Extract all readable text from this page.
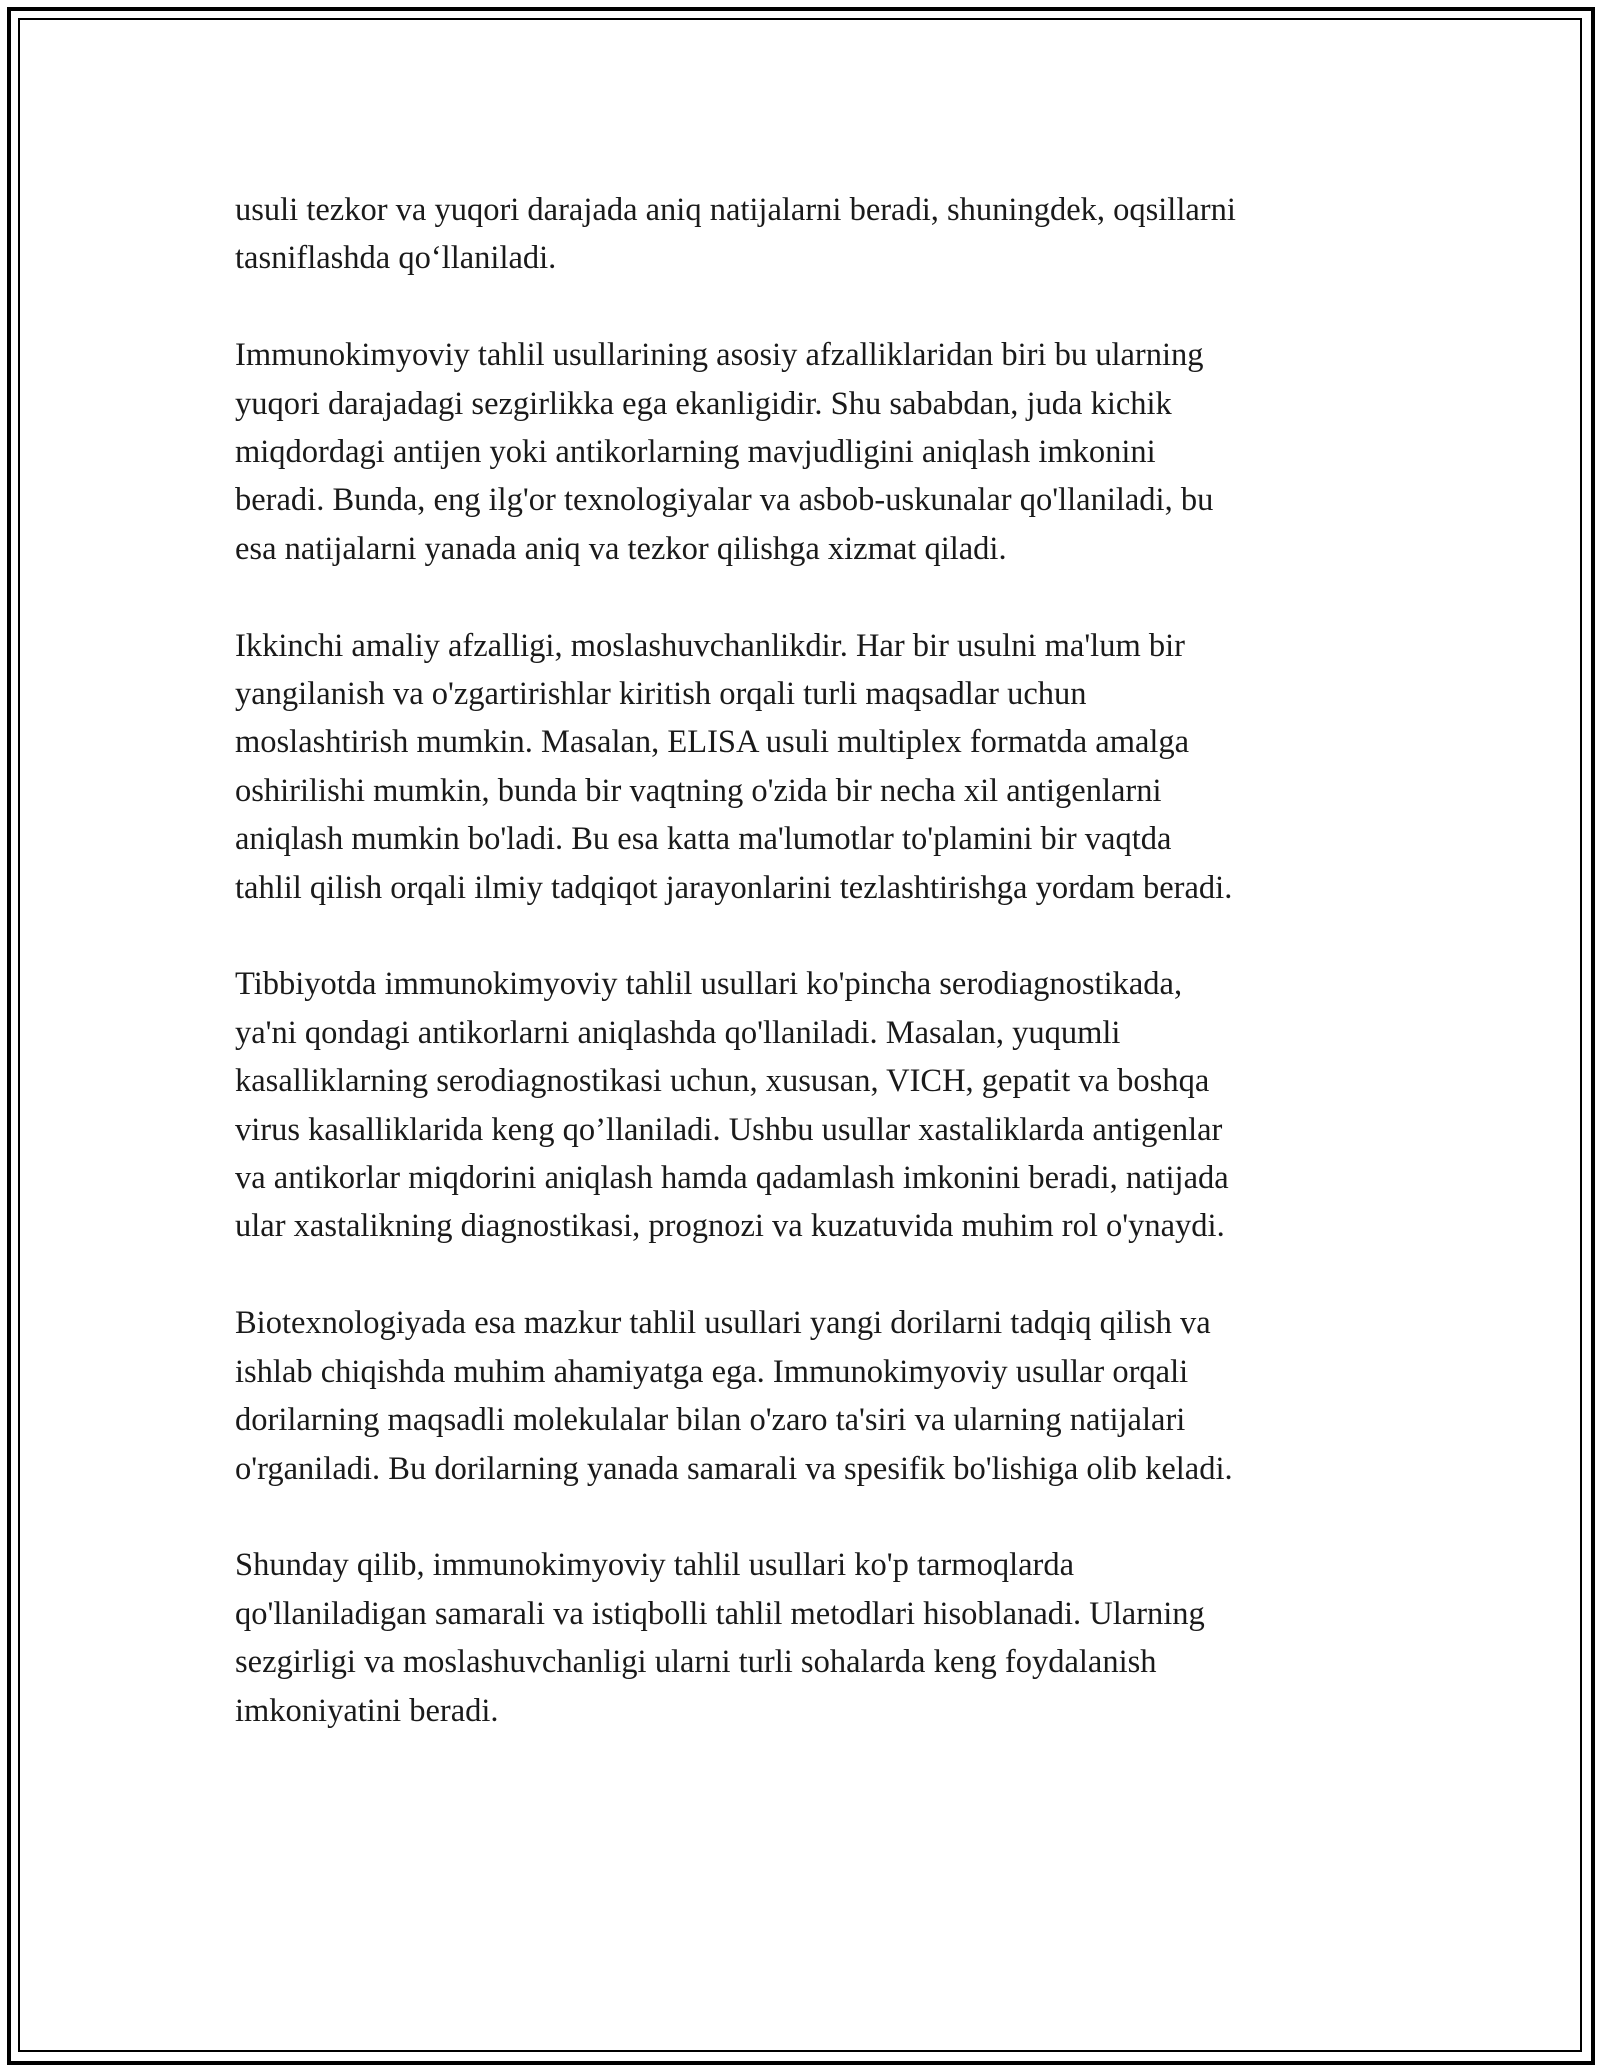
usuli tezkor va yuqori darajada aniq natijalarni beradi, shuningdek, oqsillarni
tasniflashda qo‘llaniladi.

Immunokimyoviy tahlil usullarining asosiy afzalliklaridan biri bu ularning
yuqori darajadagi sezgirlikka ega ekanligidir. Shu sababdan, juda kichik
miqdordagi antijen yoki antikorlarning mavjudligini aniqlash imkonini
beradi. Bunda, eng ilg'or texnologiyalar va asbob-uskunalar qo'llaniladi, bu
esa natijalarni yanada aniq va tezkor qilishga xizmat qiladi.

Ikkinchi amaliy afzalligi, moslashuvchanlikdir. Har bir usulni ma'lum bir
yangilanish va o'zgartirishlar kiritish orqali turli maqsadlar uchun
moslashtirish mumkin. Masalan, ELISA usuli multiplex formatda amalga
oshirilishi mumkin, bunda bir vaqtning o'zida bir necha xil antigenlarni
aniqlash mumkin bo'ladi. Bu esa katta ma'lumotlar to'plamini bir vaqtda
tahlil qilish orqali ilmiy tadqiqot jarayonlarini tezlashtirishga yordam beradi.

Tibbiyotda immunokimyoviy tahlil usullari ko'pincha serodiagnostikada,
ya'ni qondagi antikorlarni aniqlashda qo'llaniladi. Masalan, yuqumli
kasalliklarning serodiagnostikasi uchun, xususan, VICH, gepatit va boshqa
virus kasalliklarida keng qo’llaniladi. Ushbu usullar xastaliklarda antigenlar
va antikorlar miqdorini aniqlash hamda qadamlash imkonini beradi, natijada
ular xastalikning diagnostikasi, prognozi va kuzatuvida muhim rol o'ynaydi.

Biotexnologiyada esa mazkur tahlil usullari yangi dorilarni tadqiq qilish va
ishlab chiqishda muhim ahamiyatga ega. Immunokimyoviy usullar orqali
dorilarning maqsadli molekulalar bilan o'zaro ta'siri va ularning natijalari
o'rganiladi. Bu dorilarning yanada samarali va spesifik bo'lishiga olib keladi.

Shunday qilib, immunokimyoviy tahlil usullari ko'p tarmoqlarda
qo'llaniladigan samarali va istiqbolli tahlil metodlari hisoblanadi. Ularning
sezgirligi va moslashuvchanligi ularni turli sohalarda keng foydalanish
imkoniyatini beradi.
